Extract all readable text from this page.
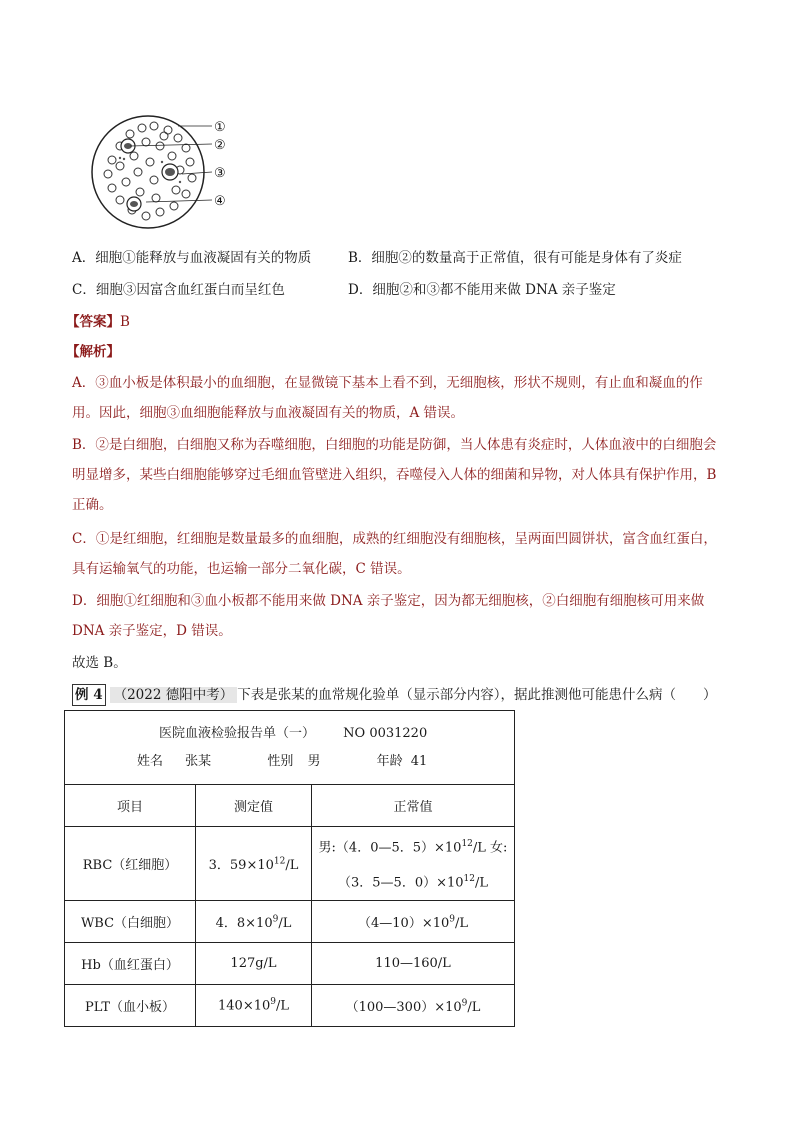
①
②
③
④
A．细胞①能释放与血液凝固有关的物质	B．细胞②的数量高于正常值，很有可能是身体有了炎症
C．细胞③因富含血红蛋白而呈红色	D．细胞②和③都不能用来做 DNA 亲子鉴定
【答案】B
【解析】
A．③血小板是体积最小的血细胞，在显微镜下基本上看不到，无细胞核，形状不规则，有止血和凝血的作用。因此，细胞③血细胞能释放与血液凝固有关的物质，A 错误。
B．②是白细胞，白细胞又称为吞噬细胞，白细胞的功能是防御，当人体患有炎症时，人体血液中的白细胞会明显增多，某些白细胞能够穿过毛细血管壁进入组织，吞噬侵入人体的细菌和异物，对人体具有保护作用，B 正确。
C．①是红细胞，红细胞是数量最多的血细胞，成熟的红细胞没有细胞核，呈两面凹圆饼状，富含血红蛋白，具有运输氧气的功能，也运输一部分二氧化碳，C 错误。
D．细胞①红细胞和③血小板都不能用来做 DNA 亲子鉴定，因为都无细胞核，②白细胞有细胞核可用来做 DNA 亲子鉴定，D 错误。
故选 B。
例 4 （2022 德阳中考） 下表是张某的血常规化验单（显示部分内容），据此推测他可能患什么病（　　）
医院血液检验报告单（一） NO 0031220
姓名 张某 性别 男 年龄 41		

项目	测定值	正常值
RBC（红细胞）	3．$59\times 10^{12}/L$	男:（4．0—5．$5)\times 10^{12}/L$ 女:
（3．5—5．$0)\times 10^{12}/L$

WBC（白细胞）	4．$8\times 10^9/L$	$(4—10)\times 10^9/L$
Hb（血红蛋白）	127g/L	110—160/L
PLT（血小板）	$140\times 10^9/L$	$(100—300)\times 10^9/L$
